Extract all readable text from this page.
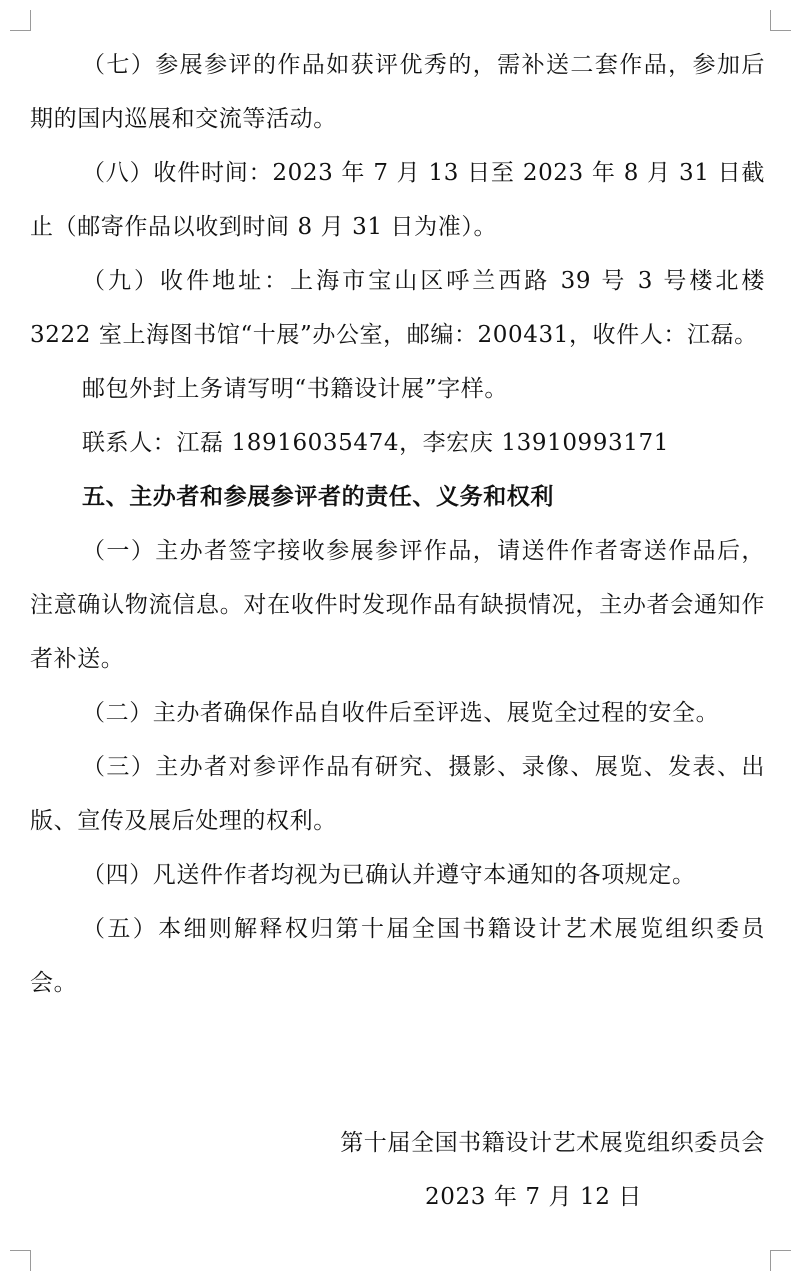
（七）参展参评的作品如获评优秀的，需补送二套作品，参加后期的国内巡展和交流等活动。

（八）收件时间：2023 年 7 月 13 日至 2023 年 8 月 31 日截止（邮寄作品以收到时间 8 月 31 日为准）。

（九）收件地址：上海市宝山区呼兰西路 39 号 3 号楼北楼 3222 室上海图书馆“十展”办公室，邮编：200431，收件人：江磊。

邮包外封上务请写明“书籍设计展”字样。

联系人：江磊 18916035474，李宏庆 13910993171

五、主办者和参展参评者的责任、义务和权利

（一）主办者签字接收参展参评作品，请送件作者寄送作品后，注意确认物流信息。对在收件时发现作品有缺损情况，主办者会通知作者补送。

（二）主办者确保作品自收件后至评选、展览全过程的安全。

（三）主办者对参评作品有研究、摄影、录像、展览、发表、出版、宣传及展后处理的权利。

（四）凡送件作者均视为已确认并遵守本通知的各项规定。

（五）本细则解释权归第十届全国书籍设计艺术展览组织委员会。

第十届全国书籍设计艺术展览组织委员会
2023 年 7 月 12 日
